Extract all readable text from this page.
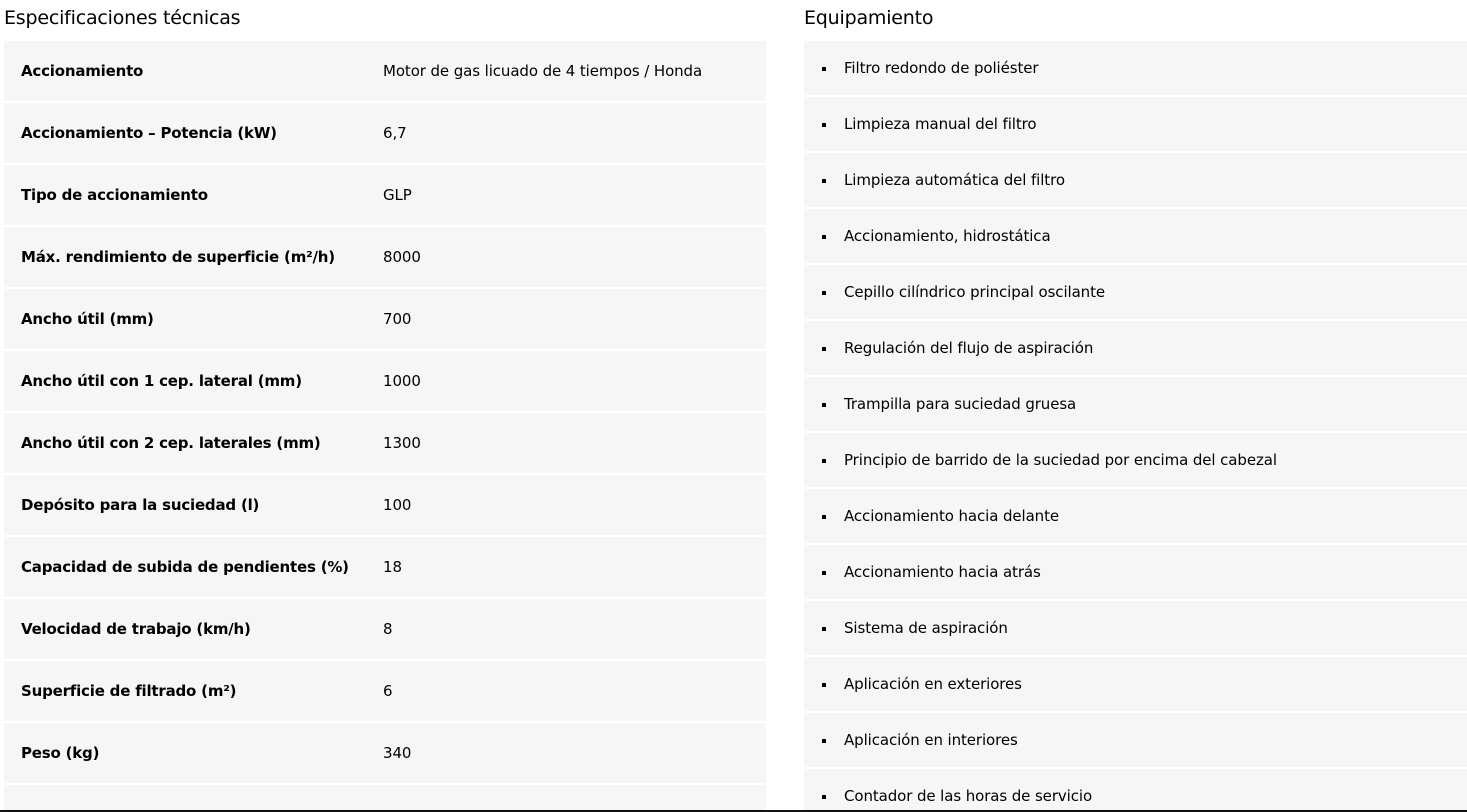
Especificaciones técnicas
Accionamiento	Motor de gas licuado de 4 tiempos / Honda
Accionamiento – Potencia (kW)	6,7
Tipo de accionamiento	GLP
Máx. rendimiento de superficie (m²/h)	8000
Ancho útil (mm)	700
Ancho útil con 1 cep. lateral (mm)	1000
Ancho útil con 2 cep. laterales (mm)	1300
Depósito para la suciedad (l)	100
Capacidad de subida de pendientes (%)	18
Velocidad de trabajo (km/h)	8
Superficie de filtrado (m²)	6
Peso (kg)	340
Equipamiento
Filtro redondo de poliéster
Limpieza manual del filtro
Limpieza automática del filtro
Accionamiento, hidrostática
Cepillo cilíndrico principal oscilante
Regulación del flujo de aspiración
Trampilla para suciedad gruesa
Principio de barrido de la suciedad por encima del cabezal
Accionamiento hacia delante
Accionamiento hacia atrás
Sistema de aspiración
Aplicación en exteriores
Aplicación en interiores
Contador de las horas de servicio
